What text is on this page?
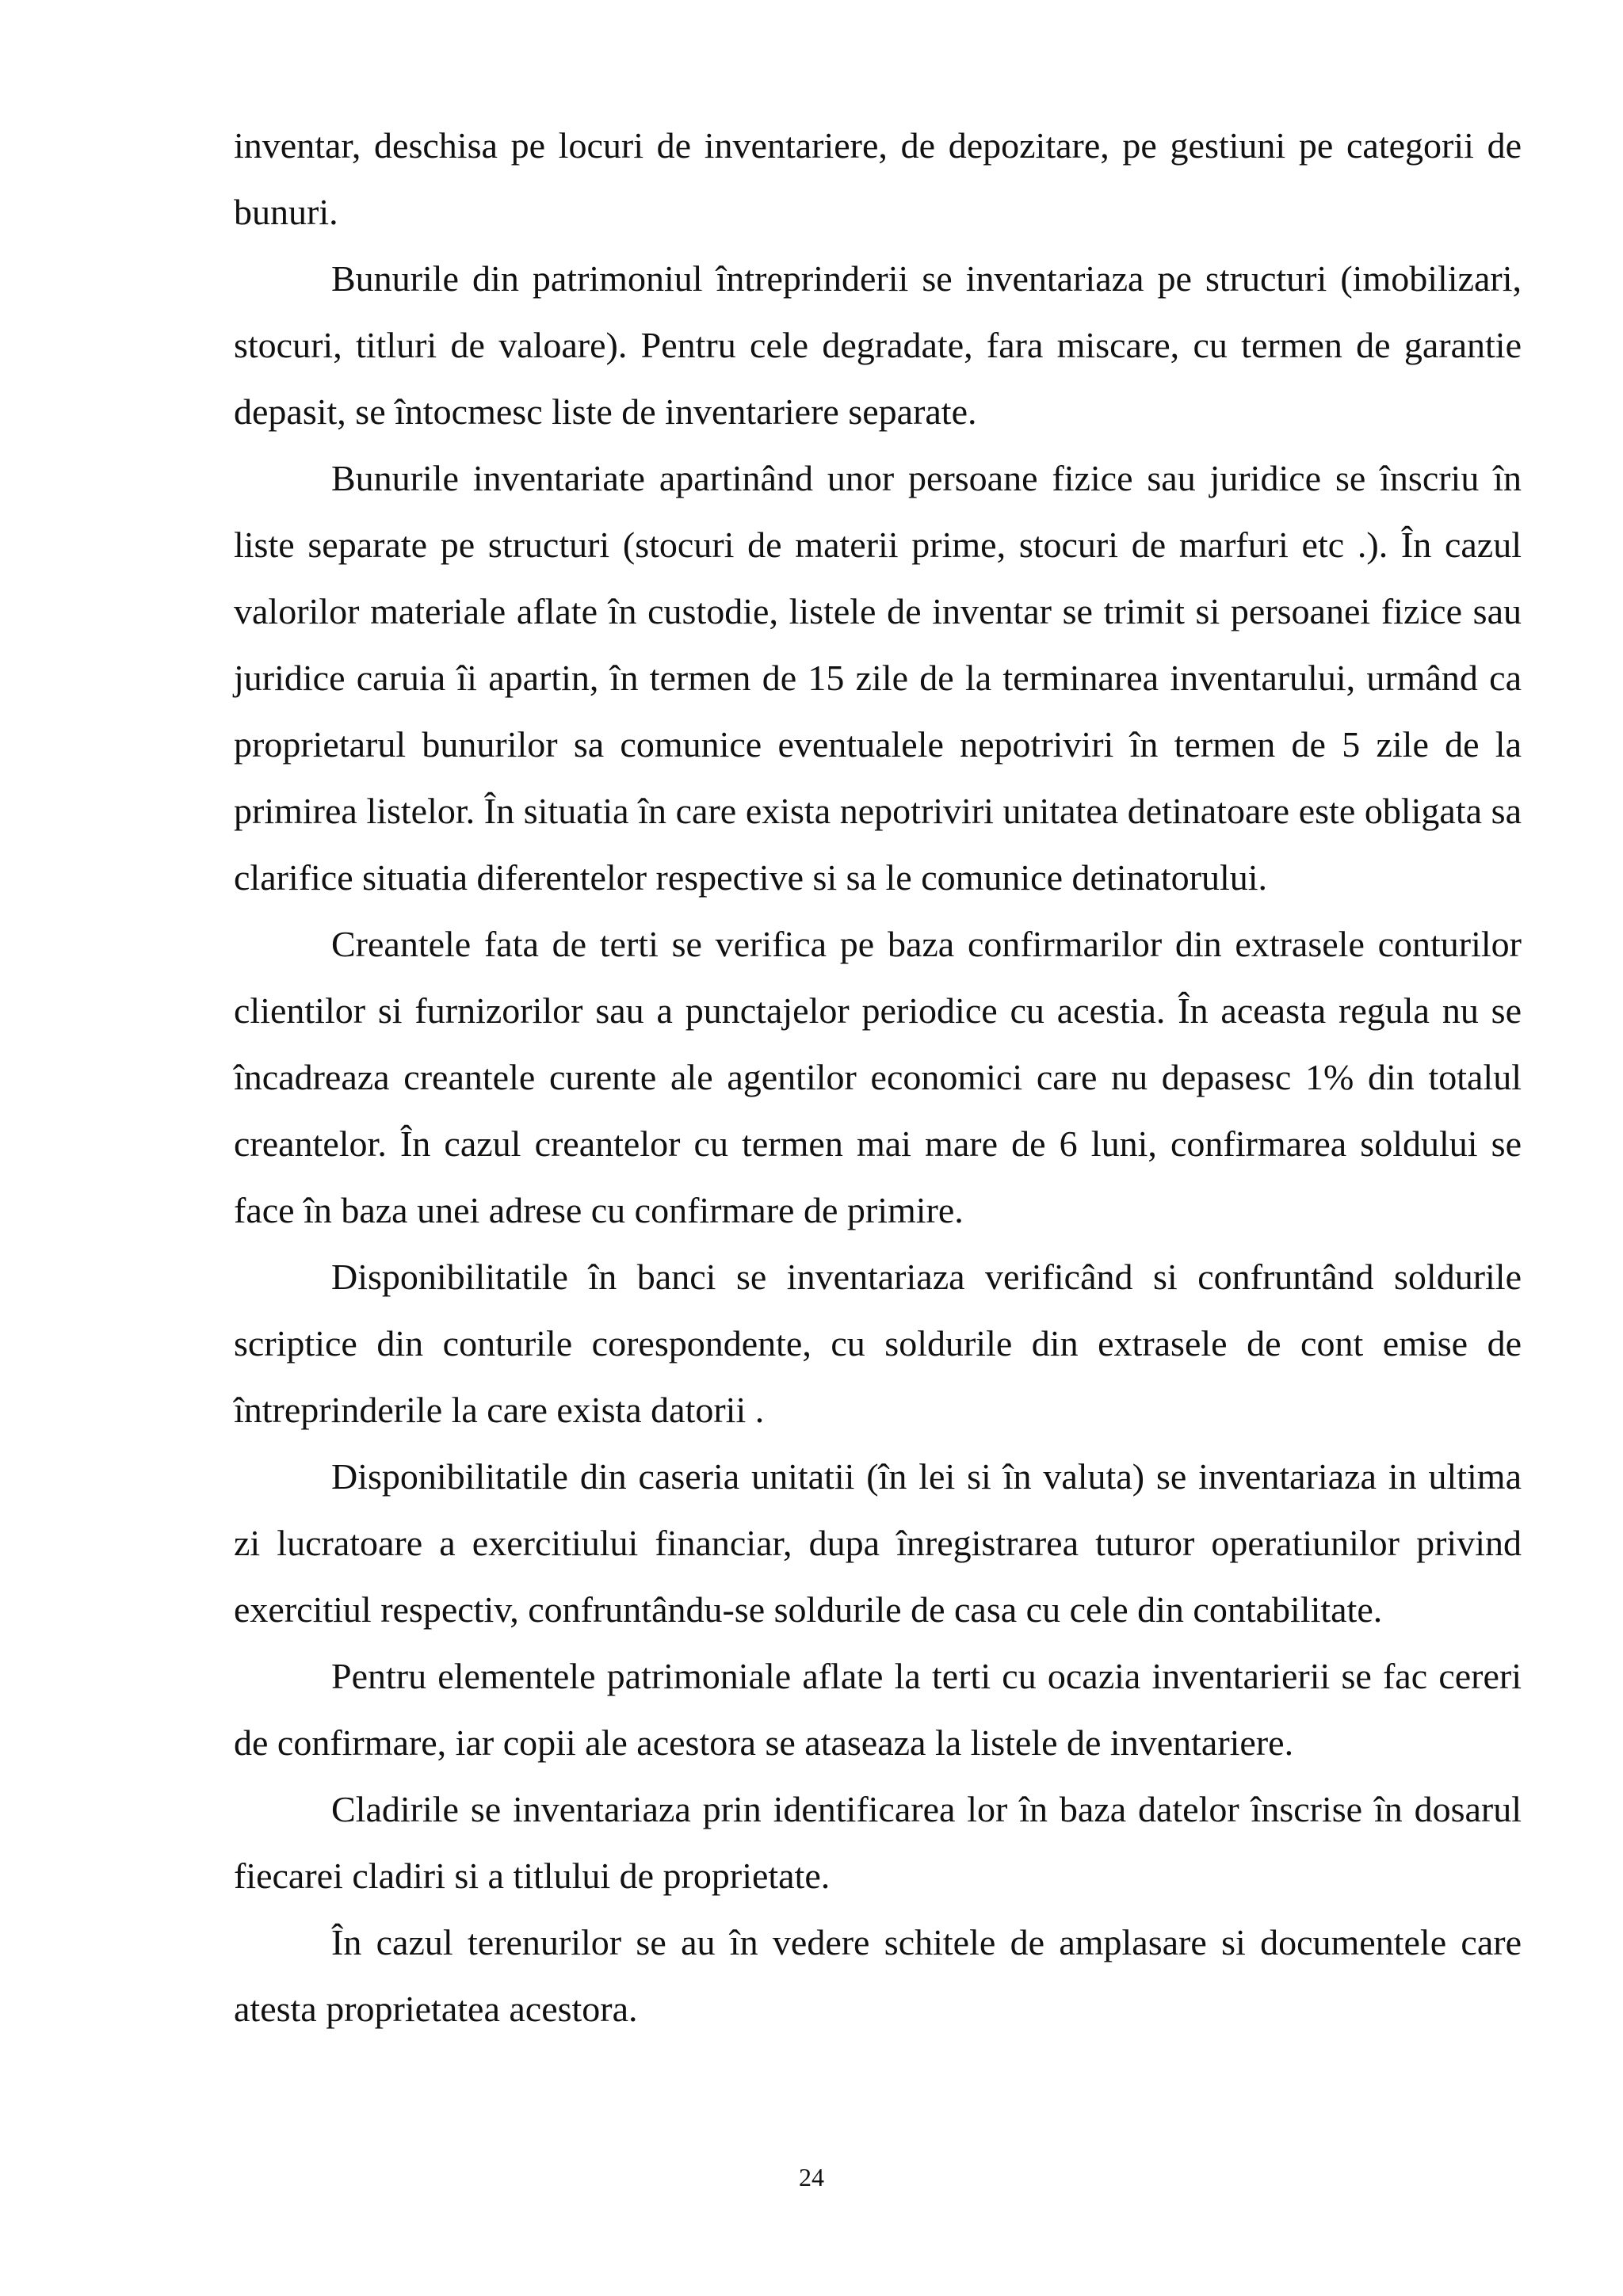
inventar, deschisa pe locuri de inventariere, de depozitare, pe gestiuni pe categorii de bunuri.

Bunurile din patrimoniul întreprinderii se inventariaza pe structuri (imobilizari, stocuri, titluri de valoare). Pentru cele degradate, fara miscare, cu termen de garantie depasit, se întocmesc liste de inventariere separate.

Bunurile inventariate apartinând unor persoane fizice sau juridice se înscriu în liste separate pe structuri (stocuri de materii prime, stocuri de marfuri etc .). În cazul valorilor materiale aflate în custodie, listele de inventar se trimit si persoanei fizice sau juridice caruia îi apartin, în termen de 15 zile de la terminarea inventarului, urmând ca proprietarul bunurilor sa comunice eventualele nepotriviri în termen de 5 zile de la primirea listelor. În situatia în care exista nepotriviri unitatea detinatoare este obligata sa clarifice situatia diferentelor respective si sa le comunice detinatorului.

Creantele fata de terti se verifica pe baza confirmarilor din extrasele conturilor clientilor si furnizorilor sau a punctajelor periodice cu acestia. În aceasta regula nu se încadreaza creantele curente ale agentilor economici care nu depasesc 1% din totalul creantelor. În cazul creantelor cu termen mai mare de 6 luni, confirmarea soldului se face în baza unei adrese cu confirmare de primire.

Disponibilitatile în banci se inventariaza verificând si confruntând soldurile scriptice din conturile corespondente, cu soldurile din extrasele de cont emise de întreprinderile la care exista datorii .

Disponibilitatile din caseria unitatii (în lei si în valuta) se inventariaza in ultima zi lucratoare a exercitiului financiar, dupa înregistrarea tuturor operatiunilor privind exercitiul respectiv, confruntându-se soldurile de casa cu cele din contabilitate.

Pentru elementele patrimoniale aflate la terti cu ocazia inventarierii se fac cereri de confirmare, iar copii ale acestora se ataseaza la listele de inventariere.

Cladirile se inventariaza prin identificarea lor în baza datelor înscrise în dosarul fiecarei cladiri si a titlului de proprietate.

În cazul terenurilor se au în vedere schitele de amplasare si documentele care atesta proprietatea acestora.

24
